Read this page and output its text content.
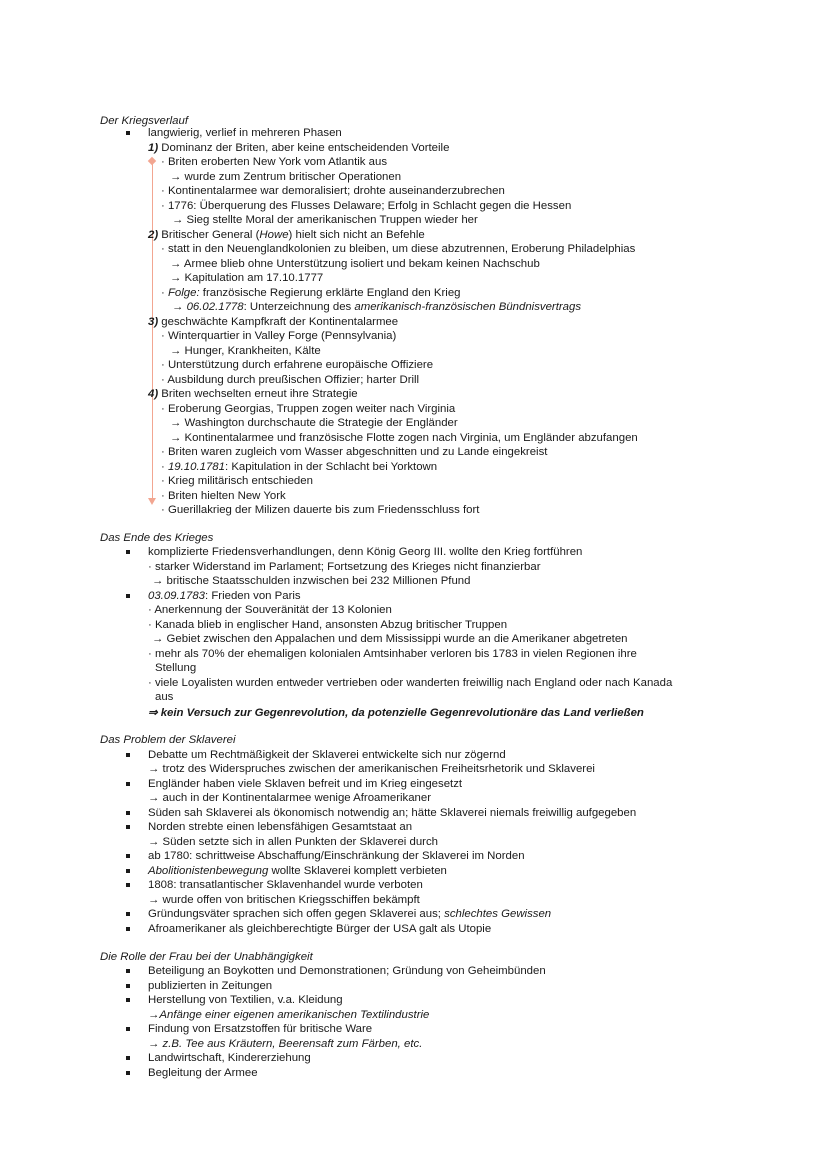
Der Kriegsverlauf
langwierig, verlief in mehreren Phasen
1) Dominanz der Briten, aber keine entscheidenden Vorteile
· Briten eroberten New York vom Atlantik aus
→ wurde zum Zentrum britischer Operationen
· Kontinentalarmee war demoralisiert; drohte auseinanderzubrechen
· 1776: Überquerung des Flusses Delaware; Erfolg in Schlacht gegen die Hessen
→ Sieg stellte Moral der amerikanischen Truppen wieder her
2) Britischer General (Howe) hielt sich nicht an Befehle
· statt in den Neuenglandkolonien zu bleiben, um diese abzutrennen, Eroberung Philadelphias
→ Armee blieb ohne Unterstützung isoliert und bekam keinen Nachschub
→ Kapitulation am 17.10.1777
· Folge: französische Regierung erklärte England den Krieg
→ 06.02.1778: Unterzeichnung des amerikanisch-französischen Bündnisvertrags
3) geschwächte Kampfkraft der Kontinentalarmee
· Winterquartier in Valley Forge (Pennsylvania)
→ Hunger, Krankheiten, Kälte
· Unterstützung durch erfahrene europäische Offiziere
· Ausbildung durch preußischen Offizier; harter Drill
4) Briten wechselten erneut ihre Strategie
· Eroberung Georgias, Truppen zogen weiter nach Virginia
→ Washington durchschaute die Strategie der Engländer
→ Kontinentalarmee und französische Flotte zogen nach Virginia, um Engländer abzufangen
· Briten waren zugleich vom Wasser abgeschnitten und zu Lande eingekreist
· 19.10.1781: Kapitulation in der Schlacht bei Yorktown
· Krieg militärisch entschieden
· Briten hielten New York
· Guerillakrieg der Milizen dauerte bis zum Friedensschluss fort
Das Ende des Krieges
komplizierte Friedensverhandlungen, denn König Georg III. wollte den Krieg fortführen
· starker Widerstand im Parlament; Fortsetzung des Krieges nicht finanzierbar
→ britische Staatsschulden inzwischen bei 232 Millionen Pfund
03.09.1783: Frieden von Paris
· Anerkennung der Souveränität der 13 Kolonien
· Kanada blieb in englischer Hand, ansonsten Abzug britischer Truppen
→ Gebiet zwischen den Appalachen und dem Mississippi wurde an die Amerikaner abgetreten
· mehr als 70% der ehemaligen kolonialen Amtsinhaber verloren bis 1783 in vielen Regionen ihre
Stellung
· viele Loyalisten wurden entweder vertrieben oder wanderten freiwillig nach England oder nach Kanada
aus
⇒ kein Versuch zur Gegenrevolution, da potenzielle Gegenrevolutionäre das Land verließen
Das Problem der Sklaverei
Debatte um Rechtmäßigkeit der Sklaverei entwickelte sich nur zögernd
→ trotz des Widerspruches zwischen der amerikanischen Freiheitsrhetorik und Sklaverei
Engländer haben viele Sklaven befreit und im Krieg eingesetzt
→ auch in der Kontinentalarmee wenige Afroamerikaner
Süden sah Sklaverei als ökonomisch notwendig an; hätte Sklaverei niemals freiwillig aufgegeben
Norden strebte einen lebensfähigen Gesamtstaat an
→ Süden setzte sich in allen Punkten der Sklaverei durch
ab 1780: schrittweise Abschaffung/Einschränkung der Sklaverei im Norden
Abolitionistenbewegung wollte Sklaverei komplett verbieten
1808: transatlantischer Sklavenhandel wurde verboten
→ wurde offen von britischen Kriegsschiffen bekämpft
Gründungsväter sprachen sich offen gegen Sklaverei aus; schlechtes Gewissen
Afroamerikaner als gleichberechtigte Bürger der USA galt als Utopie
Die Rolle der Frau bei der Unabhängigkeit
Beteiligung an Boykotten und Demonstrationen; Gründung von Geheimbünden
publizierten in Zeitungen
Herstellung von Textilien, v.a. Kleidung
→Anfänge einer eigenen amerikanischen Textilindustrie
Findung von Ersatzstoffen für britische Ware
→ z.B. Tee aus Kräutern, Beerensaft zum Färben, etc.
Landwirtschaft, Kindererziehung
Begleitung der Armee
